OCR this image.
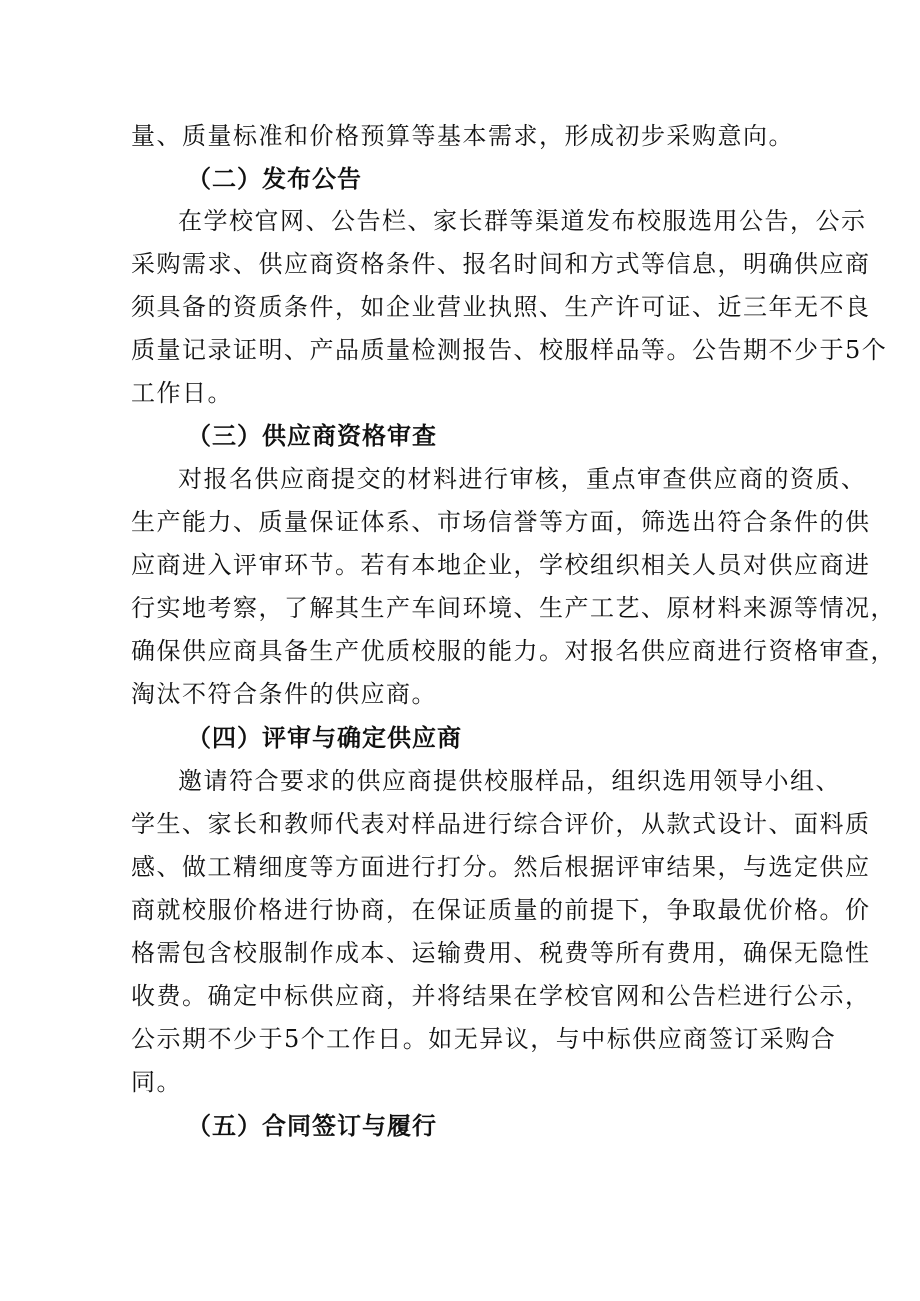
量、质量标准和价格预算等基本需求，形成初步采购意向。
（二）发布公告
在学校官网、公告栏、家长群等渠道发布校服选用公告，公示
采购需求、供应商资格条件、报名时间和方式等信息，明确供应商
须具备的资质条件，如企业营业执照、生产许可证、近三年无不良
质量记录证明、产品质量检测报告、校服样品等。公告期不少于5个
工作日。
（三）供应商资格审查
对报名供应商提交的材料进行审核，重点审查供应商的资质、
生产能力、质量保证体系、市场信誉等方面，筛选出符合条件的供
应商进入评审环节。若有本地企业，学校组织相关人员对供应商进
行实地考察，了解其生产车间环境、生产工艺、原材料来源等情况，
确保供应商具备生产优质校服的能力。对报名供应商进行资格审查，
淘汰不符合条件的供应商。
（四）评审与确定供应商
邀请符合要求的供应商提供校服样品，组织选用领导小组、
学生、家长和教师代表对样品进行综合评价，从款式设计、面料质
感、做工精细度等方面进行打分。然后根据评审结果，与选定供应
商就校服价格进行协商，在保证质量的前提下，争取最优价格。价
格需包含校服制作成本、运输费用、税费等所有费用，确保无隐性
收费。确定中标供应商，并将结果在学校官网和公告栏进行公示，
公示期不少于5个工作日。如无异议，与中标供应商签订采购合
同。
（五）合同签订与履行
